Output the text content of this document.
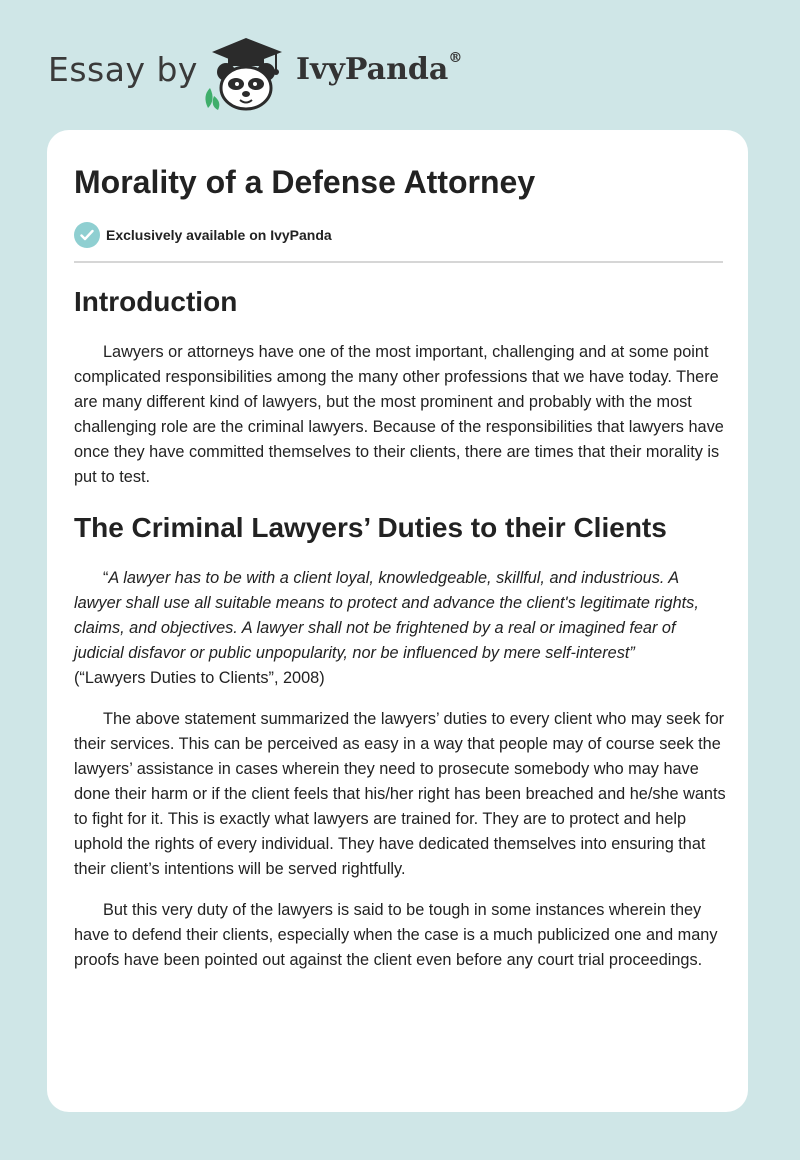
Essay by	IvyPanda®
Morality of a Defense Attorney
Exclusively available on IvyPanda
Introduction

Lawyers or attorneys have one of the most important, challenging and at some point complicated responsibilities among the many other professions that we have today. There are many different kind of lawyers, but the most prominent and probably with the most challenging role are the criminal lawyers. Because of the responsibilities that lawyers have once they have committed themselves to their clients, there are times that their morality is put to test.

The Criminal Lawyers’ Duties to their Clients

“A lawyer has to be with a client loyal, knowledgeable, skillful, and industrious. A lawyer shall use all suitable means to protect and advance the client's legitimate rights, claims, and objectives. A lawyer shall not be frightened by a real or imagined fear of judicial disfavor or public unpopularity, nor be influenced by mere self-interest”
(“Lawyers Duties to Clients”, 2008)

The above statement summarized the lawyers’ duties to every client who may seek for their services. This can be perceived as easy in a way that people may of course seek the lawyers’ assistance in cases wherein they need to prosecute somebody who may have done their harm or if the client feels that his/her right has been breached and he/she wants to fight for it. This is exactly what lawyers are trained for. They are to protect and help uphold the rights of every individual. They have dedicated themselves into ensuring that their client’s intentions will be served rightfully.

But this very duty of the lawyers is said to be tough in some instances wherein they have to defend their clients, especially when the case is a much publicized one and many proofs have been pointed out against the client even before any court trial proceedings.
